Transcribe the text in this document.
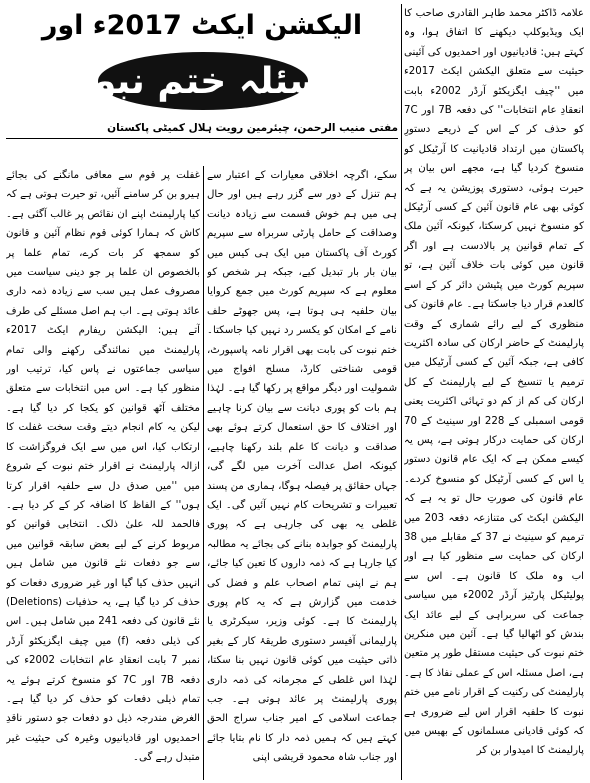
علامہ ڈاکٹر محمد طاہر القادری صاحب کا ایک ویڈیوکلپ دیکھنے کا اتفاق ہوا، وہ کہتے ہیں: قادیانیوں اور احمدیوں کی آئینی حیثیت سے متعلق الیکشن ایکٹ 2017ء میں ''چیف ایگزیکٹو آرڈر 2002ء بابت انعقادِ عام انتخابات'' کی دفعہ 7B اور 7C کو حذف کر کے اس کے ذریعے دستورِ پاکستان میں ارتداد قادیانیت کا آرٹیکل کو منسوخ کردیا گیا ہے، مجھے اس بیان پر حیرت ہوئی، دستوری پوزیشن یہ ہے کہ کوئی بھی عام قانون آئین کے کسی آرٹیکل کو منسوخ نہیں کرسکتا، کیونکہ آئین ملک کے تمام قوانین پر بالادست ہے اور اگر قانون میں کوئی بات خلاف آئین ہے، تو سپریم کورٹ میں پٹیشن دائر کر کے اسے کالعدم قرار دیا جاسکتا ہے۔ عام قانون کی منظوری کے لیے رائے شماری کے وقت پارلیمنٹ کے حاضر ارکان کی سادہ اکثریت کافی ہے، جبکہ آئین کے کسی آرٹیکل میں ترمیم یا تنسیخ کے لیے پارلیمنٹ کے کل ارکان کی کم از کم دو تہائی اکثریت یعنی قومی اسمبلی کے 228 اور سینیٹ کے 70 ارکان کی حمایت درکار ہوتی ہے، پس یہ کیسے ممکن ہے کہ ایک عام قانون دستور یا اس کے کسی آرٹیکل کو منسوخ کردے۔ عام قانون کی صورتِ حال تو یہ ہے کہ الیکشن ایکٹ کی متنازعہ دفعہ 203 میں ترمیم کو سینیٹ نے 37 کے مقابلے میں 38 ارکان کی حمایت سے منظور کیا ہے اور اب وہ ملک کا قانون ہے۔ اس سے پولیٹیکل پارٹیز آرڈر 2002ء میں سیاسی جماعت کی سربراہی کے لیے عائد ایک بندش کو اٹھالیا گیا ہے۔ آئین میں منکرین ختم نبوت کی حیثیت مستقل طور پر متعین ہے، اصل مسئلہ اس کے عملی نفاذ کا ہے۔ پارلیمنٹ کی رکنیت کے اقرار نامے میں ختم نبوت کا حلفیہ اقرار اس لیے ضروری ہے کہ کوئی قادیانی مسلمانوں کے بھیس میں پارلیمنٹ کا امیدوار بن کر

الیکشن ایکٹ 2017ء اور
مسئلہ ختم نبوت
مفتی منیب الرحمن، چیئرمین رویت ہلال کمیٹی پاکستان

سکے، اگرچہ اخلاقی معیارات کے اعتبار سے ہم تنزل کے دور سے گزر رہے ہیں اور حال ہی میں ہم خوش قسمت سے زیادہ دیانت وصداقت کے حامل پارٹی سربراہ سے سپریم کورٹ آف پاکستان میں ایک ہی کیس میں بیان بار بار تبدیل کیے، جبکہ ہر شخص کو معلوم ہے کہ سپریم کورٹ میں جمع کروایا بیان حلفیہ ہی ہوتا ہے، پس جھوٹے حلف نامے کے امکان کو یکسر رد نہیں کیا جاسکتا۔ ختم نبوت کی بابت بھی اقرار نامہ پاسپورٹ، قومی شناختی کارڈ، مسلح افواج میں شمولیت اور دیگر مواقع پر رکھا گیا ہے۔ لہٰذا ہم بات کو پوری دیانت سے بیان کرنا چاہیے اور اختلاف کا حق استعمال کرتے ہوئے بھی صداقت و دیانت کا علم بلند رکھنا چاہیے، کیونکہ اصل عدالت آخرت میں لگے گی، جہاں حقائق پر فیصلہ ہوگا، ہماری من پسند تعبیرات و تشریحات کام نہیں آئیں گی۔ ایک غلطی یہ بھی کی جارہی ہے کہ پوری پارلیمنٹ کو جوابدہ بنانے کی بجائے یہ مطالبہ کیا جارہا ہے کہ ذمہ داروں کا تعین کیا جائے، ہم نے اپنی تمام اصحاب علم و فضل کی خدمت میں گزارش ہے کہ یہ کام پوری پارلیمنٹ کا ہے۔ کوئی وزیر، سیکرٹری یا پارلیمانی آفیسر دستوری طریقۂ کار کے بغیر ذاتی حیثیت میں کوئی قانون نہیں بنا سکتا، لہٰذا اس غلطی کے مجرمانہ کی ذمہ داری پوری پارلیمنٹ پر عائد ہوتی ہے۔ جب جماعت اسلامی کے امیر جناب سراج الحق کہتے ہیں کہ ہمیں ذمہ دار کا نام بتایا جائے اور جناب شاہ محمود قریشی اپنی

غفلت پر قوم سے معافی مانگنے کی بجائے ہیرو بن کر سامنے آئیں، تو حیرت ہوتی ہے کہ کیا پارلیمنٹ اپنے ان نقائص پر غالب آگئی ہے۔ کاش کہ ہمارا کوئی قوم نظام آئین و قانون کو سمجھ کر بات کرے، تمام علما پر بالخصوص ان علما پر جو دینی سیاست میں مصروف عمل ہیں سب سے زیادہ ذمہ داری عائد ہوتی ہے۔ اب ہم اصل مسئلے کی طرف آتے ہیں: الیکشن ریفارم ایکٹ 2017ء پارلیمنٹ میں نمائندگی رکھنے والی تمام سیاسی جماعتوں نے پاس کیا، ترتیب اور منظور کیا ہے۔ اس میں انتخابات سے متعلق مختلف آٹھ قوانین کو یکجا کر دیا گیا ہے۔ لیکن یہ کام انجام دیتے وقت سخت غفلت کا ارتکاب کیا، اس میں سے ایک فروگزاشت کا ازالہ پارلیمنٹ نے اقرار ختم نبوت کے شروع میں ''میں صدق دل سے حلفیہ اقرار کرتا ہوں'' کے الفاظ کا اضافہ کر کے کر دیا ہے۔ فالحمد للہ علیٰ ذلک۔ انتخابی قوانین کو مربوط کرنے کے لیے بعض سابقہ قوانین میں سے جو دفعات نئے قانون میں شامل ہیں انہیں حذف کیا گیا اور غیر ضروری دفعات کو حذف کر دیا گیا ہے، یہ حذفیات (Deletions) نئے قانون کی دفعہ 241 میں شامل ہیں۔ اس کی ذیلی دفعہ (f) میں چیف ایگزیکٹو آرڈر نمبر 7 بابت انعقادِ عام انتخابات 2002ء کی دفعہ 7B اور 7C کو منسوخ کرتے ہوئے یہ تمام ذیلی دفعات کو حذف کر دیا گیا ہے۔ الغرض مندرجہ ذیل دو دفعات جو دستور ناقدِ احمدیوں اور قادیانیوں وغیرہ کی حیثیت غیر متبدل رہے گی۔
